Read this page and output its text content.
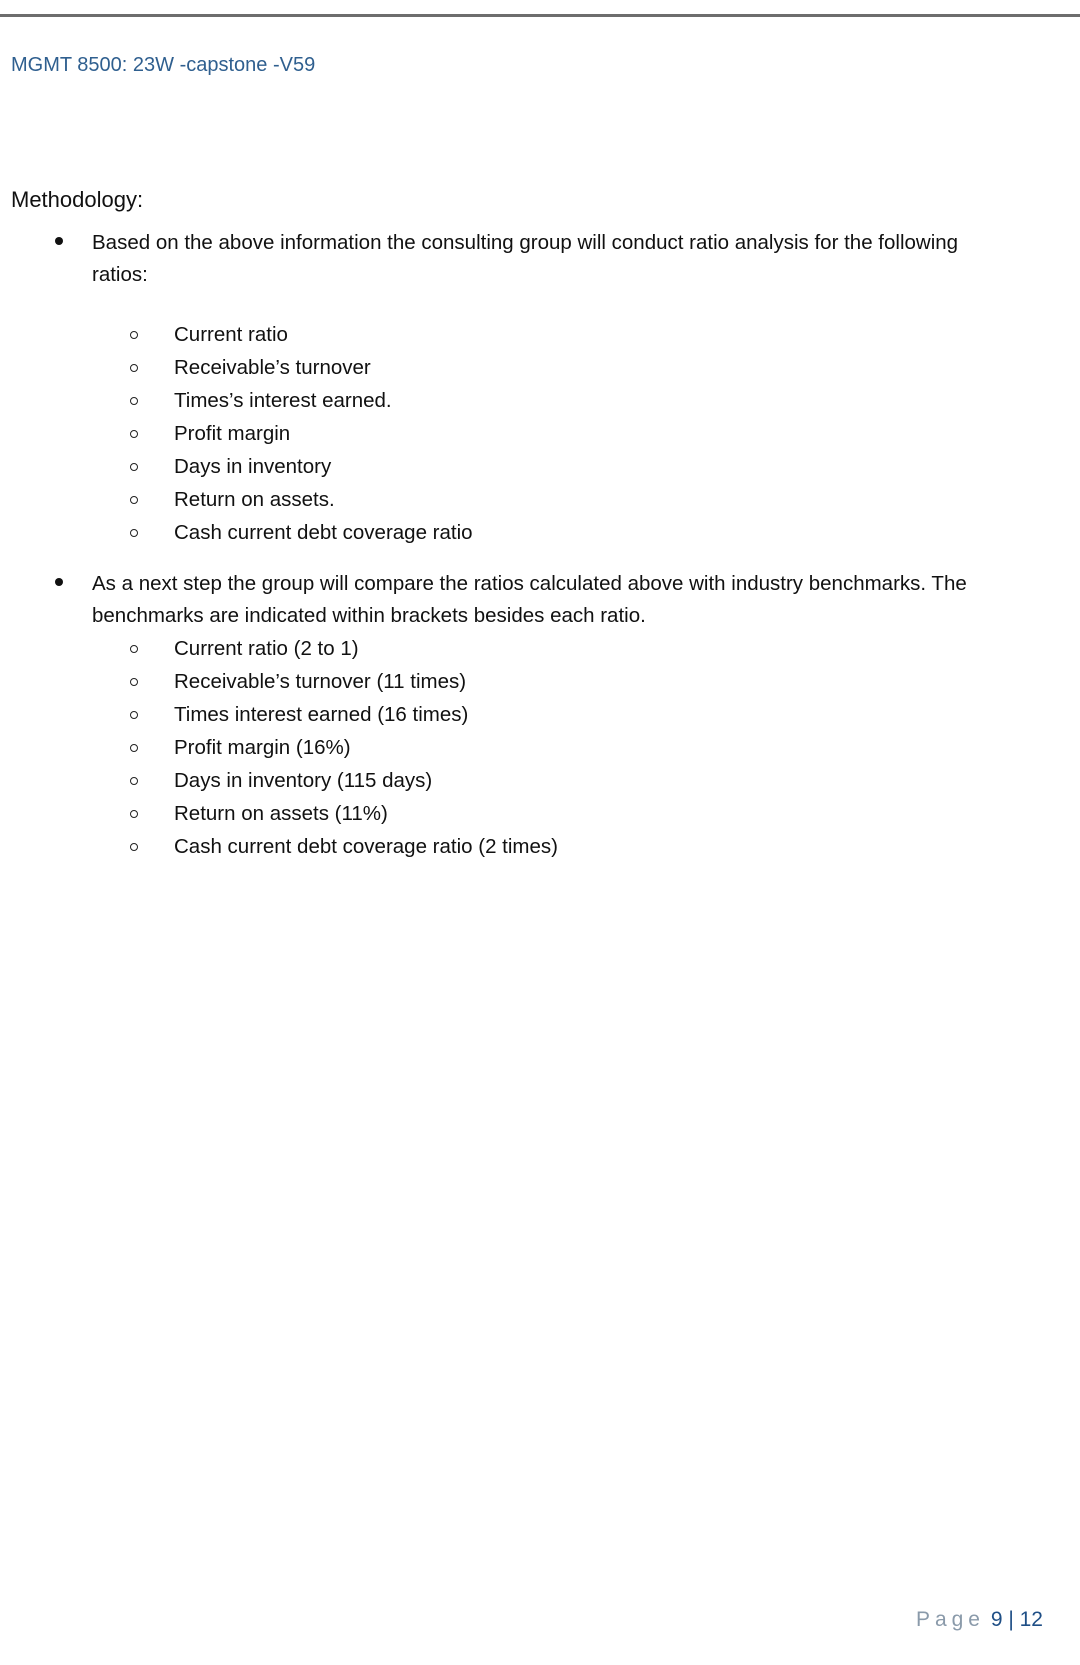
MGMT 8500: 23W -capstone -V59
Methodology:
Based on the above information the consulting group will conduct ratio analysis for the following ratios:
Current ratio
Receivable’s turnover
Times’s interest earned.
Profit margin
Days in inventory
Return on assets.
Cash current debt coverage ratio
As a next step the group will compare the ratios calculated above with industry benchmarks. The benchmarks are indicated within brackets besides each ratio.
Current ratio (2 to 1)
Receivable’s turnover (11 times)
Times interest earned (16 times)
Profit margin (16%)
Days in inventory (115 days)
Return on assets (11%)
Cash current debt coverage ratio (2 times)
Page 9 | 12
